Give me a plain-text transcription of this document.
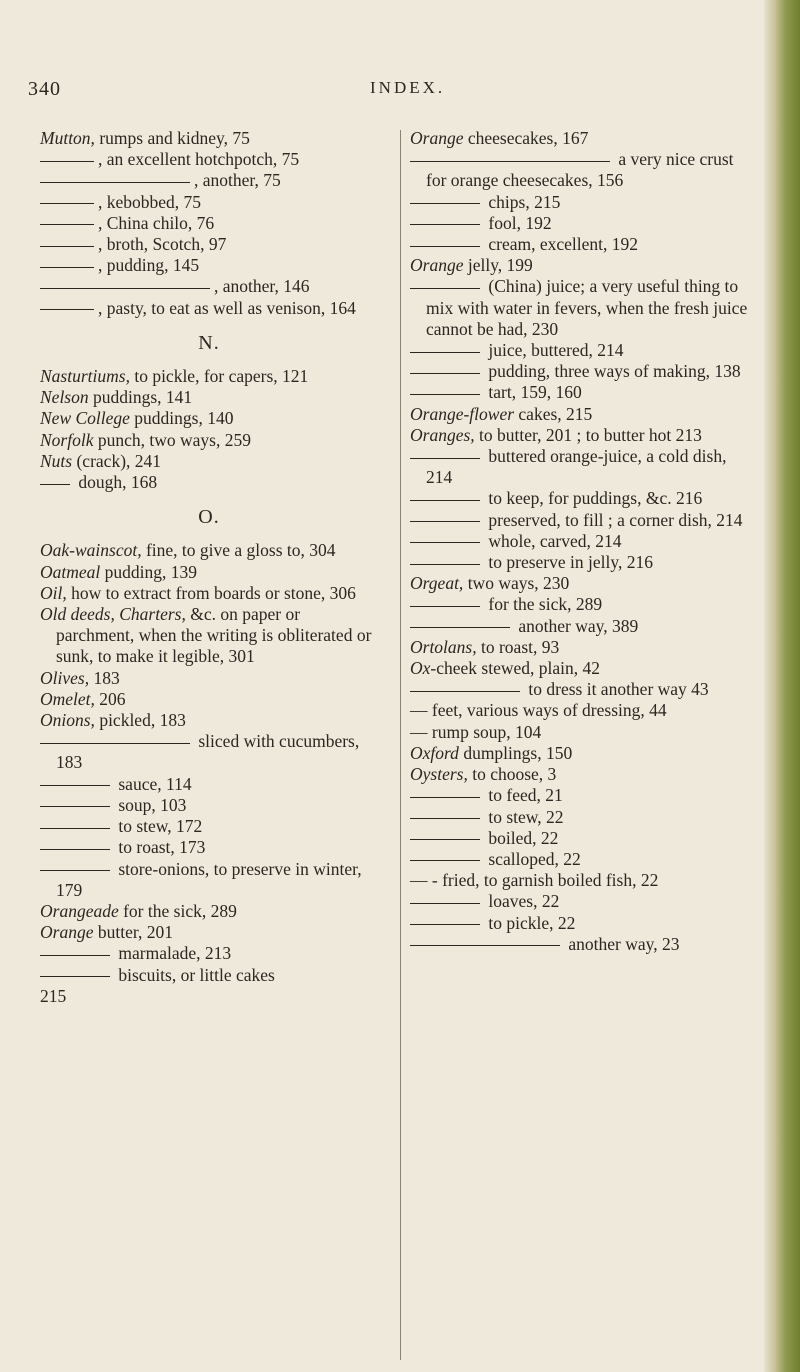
340	INDEX.

Mutton, rumps and kidney, 75

, an excellent hotchpotch, 75

, another, 75

, kebobbed, 75

, China chilo, 76

, broth, Scotch, 97

, pudding, 145

, another, 146

, pasty, to eat as well as venison, 164

N.

Nasturtiums, to pickle, for capers, 121

Nelson puddings, 141

New College puddings, 140

Norfolk punch, two ways, 259

Nuts (crack), 241

dough, 168

O.

Oak-wainscot, fine, to give a gloss to, 304

Oatmeal pudding, 139

Oil, how to extract from boards or stone, 306

Old deeds, Charters, &c. on paper or parchment, when the writing is obliterated or sunk, to make it legible, 301

Olives, 183

Omelet, 206

Onions, pickled, 183

sliced with cucumbers, 183

sauce, 114

soup, 103

to stew, 172

to roast, 173

store-onions, to preserve in winter, 179

Orangeade for the sick, 289

Orange butter, 201

marmalade, 213

biscuits, or little cakes

215

Orange cheesecakes, 167

a very nice crust for orange cheesecakes, 156

chips, 215

fool, 192

cream, excellent, 192

Orange jelly, 199

(China) juice; a very useful thing to mix with water in fevers, when the fresh juice cannot be had, 230

juice, buttered, 214

pudding, three ways of making, 138

tart, 159, 160

Orange-flower cakes, 215

Oranges, to butter, 201 ; to butter hot 213

buttered orange-juice, a cold dish, 214

to keep, for puddings, &c. 216

preserved, to fill ; a corner dish, 214

whole, carved, 214

to preserve in jelly, 216

Orgeat, two ways, 230

for the sick, 289

another way, 389

Ortolans, to roast, 93

Ox-cheek stewed, plain, 42

to dress it another way 43

— feet, various ways of dressing, 44

— rump soup, 104

Oxford dumplings, 150

Oysters, to choose, 3

to feed, 21

to stew, 22

boiled, 22

scalloped, 22

— - fried, to garnish boiled fish, 22

loaves, 22

to pickle, 22

another way, 23
